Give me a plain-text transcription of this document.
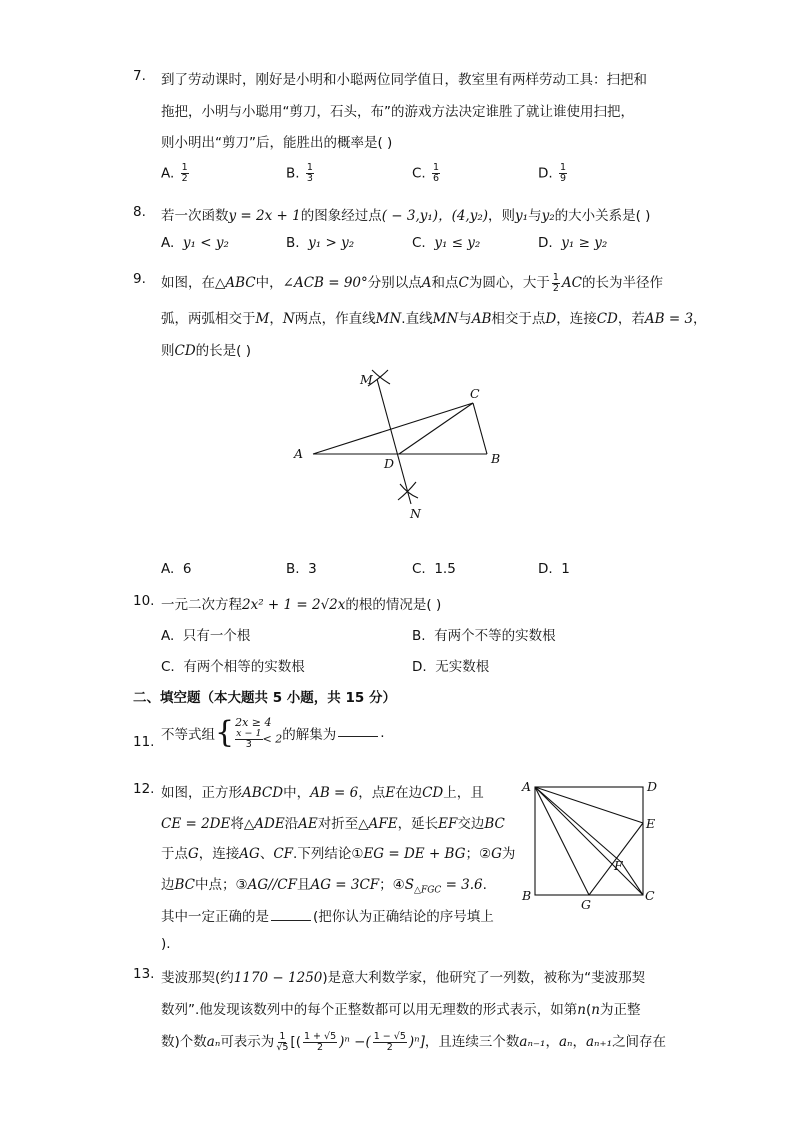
7. 到了劳动课时，刚好是小明和小聪两位同学值日，教室里有两样劳动工具：扫把和
拖把，小明与小聪用“剪刀，石头，布”的游戏方法决定谁胜了就让谁使用扫把，
则小明出“剪刀”后，能胜出的概率是( )
A. $\frac{1}{2}$	B. $\frac{1}{3}$	C. $\frac{1}{6}$	D. $\frac{1}{9}$
8. 若一次函数y = 2x + 1的图象经过点( − 3,y₁)，(4,y₂)，则y₁与y₂的大小关系是( )
A. y₁ < y₂	B. y₁ > y₂	C. y₁ ≤ y₂	D. y₁ ≥ y₂
9. 如图，在△ABC中，∠ACB = 90°分别以点A和点C为圆心，大于 $\frac{1}{2}$ AC的长为半径作
弧，两弧相交于M，N两点，作直线MN.直线MN与AB相交于点D，连接CD，若AB = 3，
则CD的长是( )
M
C
A
D	B
N
A. 6	B. 3	C. 1.5	D. 1
10. 一元二次方程2x² + 1 = 2√2x的根的情况是( )
A. 只有一个根	B. 有两个不等的实数根
C. 有两个相等的实数根	D. 无实数根
二、填空题（本大题共 5 小题，共 15 分）
11. 不等式组 { 2x ≥ 4
$\frac{x - 1}{3} < 2$ 的解集为	.
12. 如图，正方形ABCD中，AB = 6，点E在边CD上，且
CE = 2DE将△ADE沿AE对折至△AFE，延长EF交边BC
于点G，连接AG、CF.下列结论①EG = DE + BG；②G为
边BC中点；③AG//CF且AG = 3CF；$④S_{\triangle FGC} = 3.6$.
其中一定正确的是	(把你认为正确结论的序号填上
).
A	D
E
F
B
G
C
13. 斐波那契(约1170 − 1250)是意大利数学家，他研究了一列数，被称为“斐波那契
数列”.他发现该数列中的每个正整数都可以用无理数的形式表示，如第n(n为正整
数)个数aₙ可表示为 $\frac{1}{√5}$ [( $\frac{1 + √5}{2} )^n$ −( $\frac{1 - √5}{2} )^n$]，且连续三个数aₙ₋₁，aₙ，aₙ₊₁之间存在
